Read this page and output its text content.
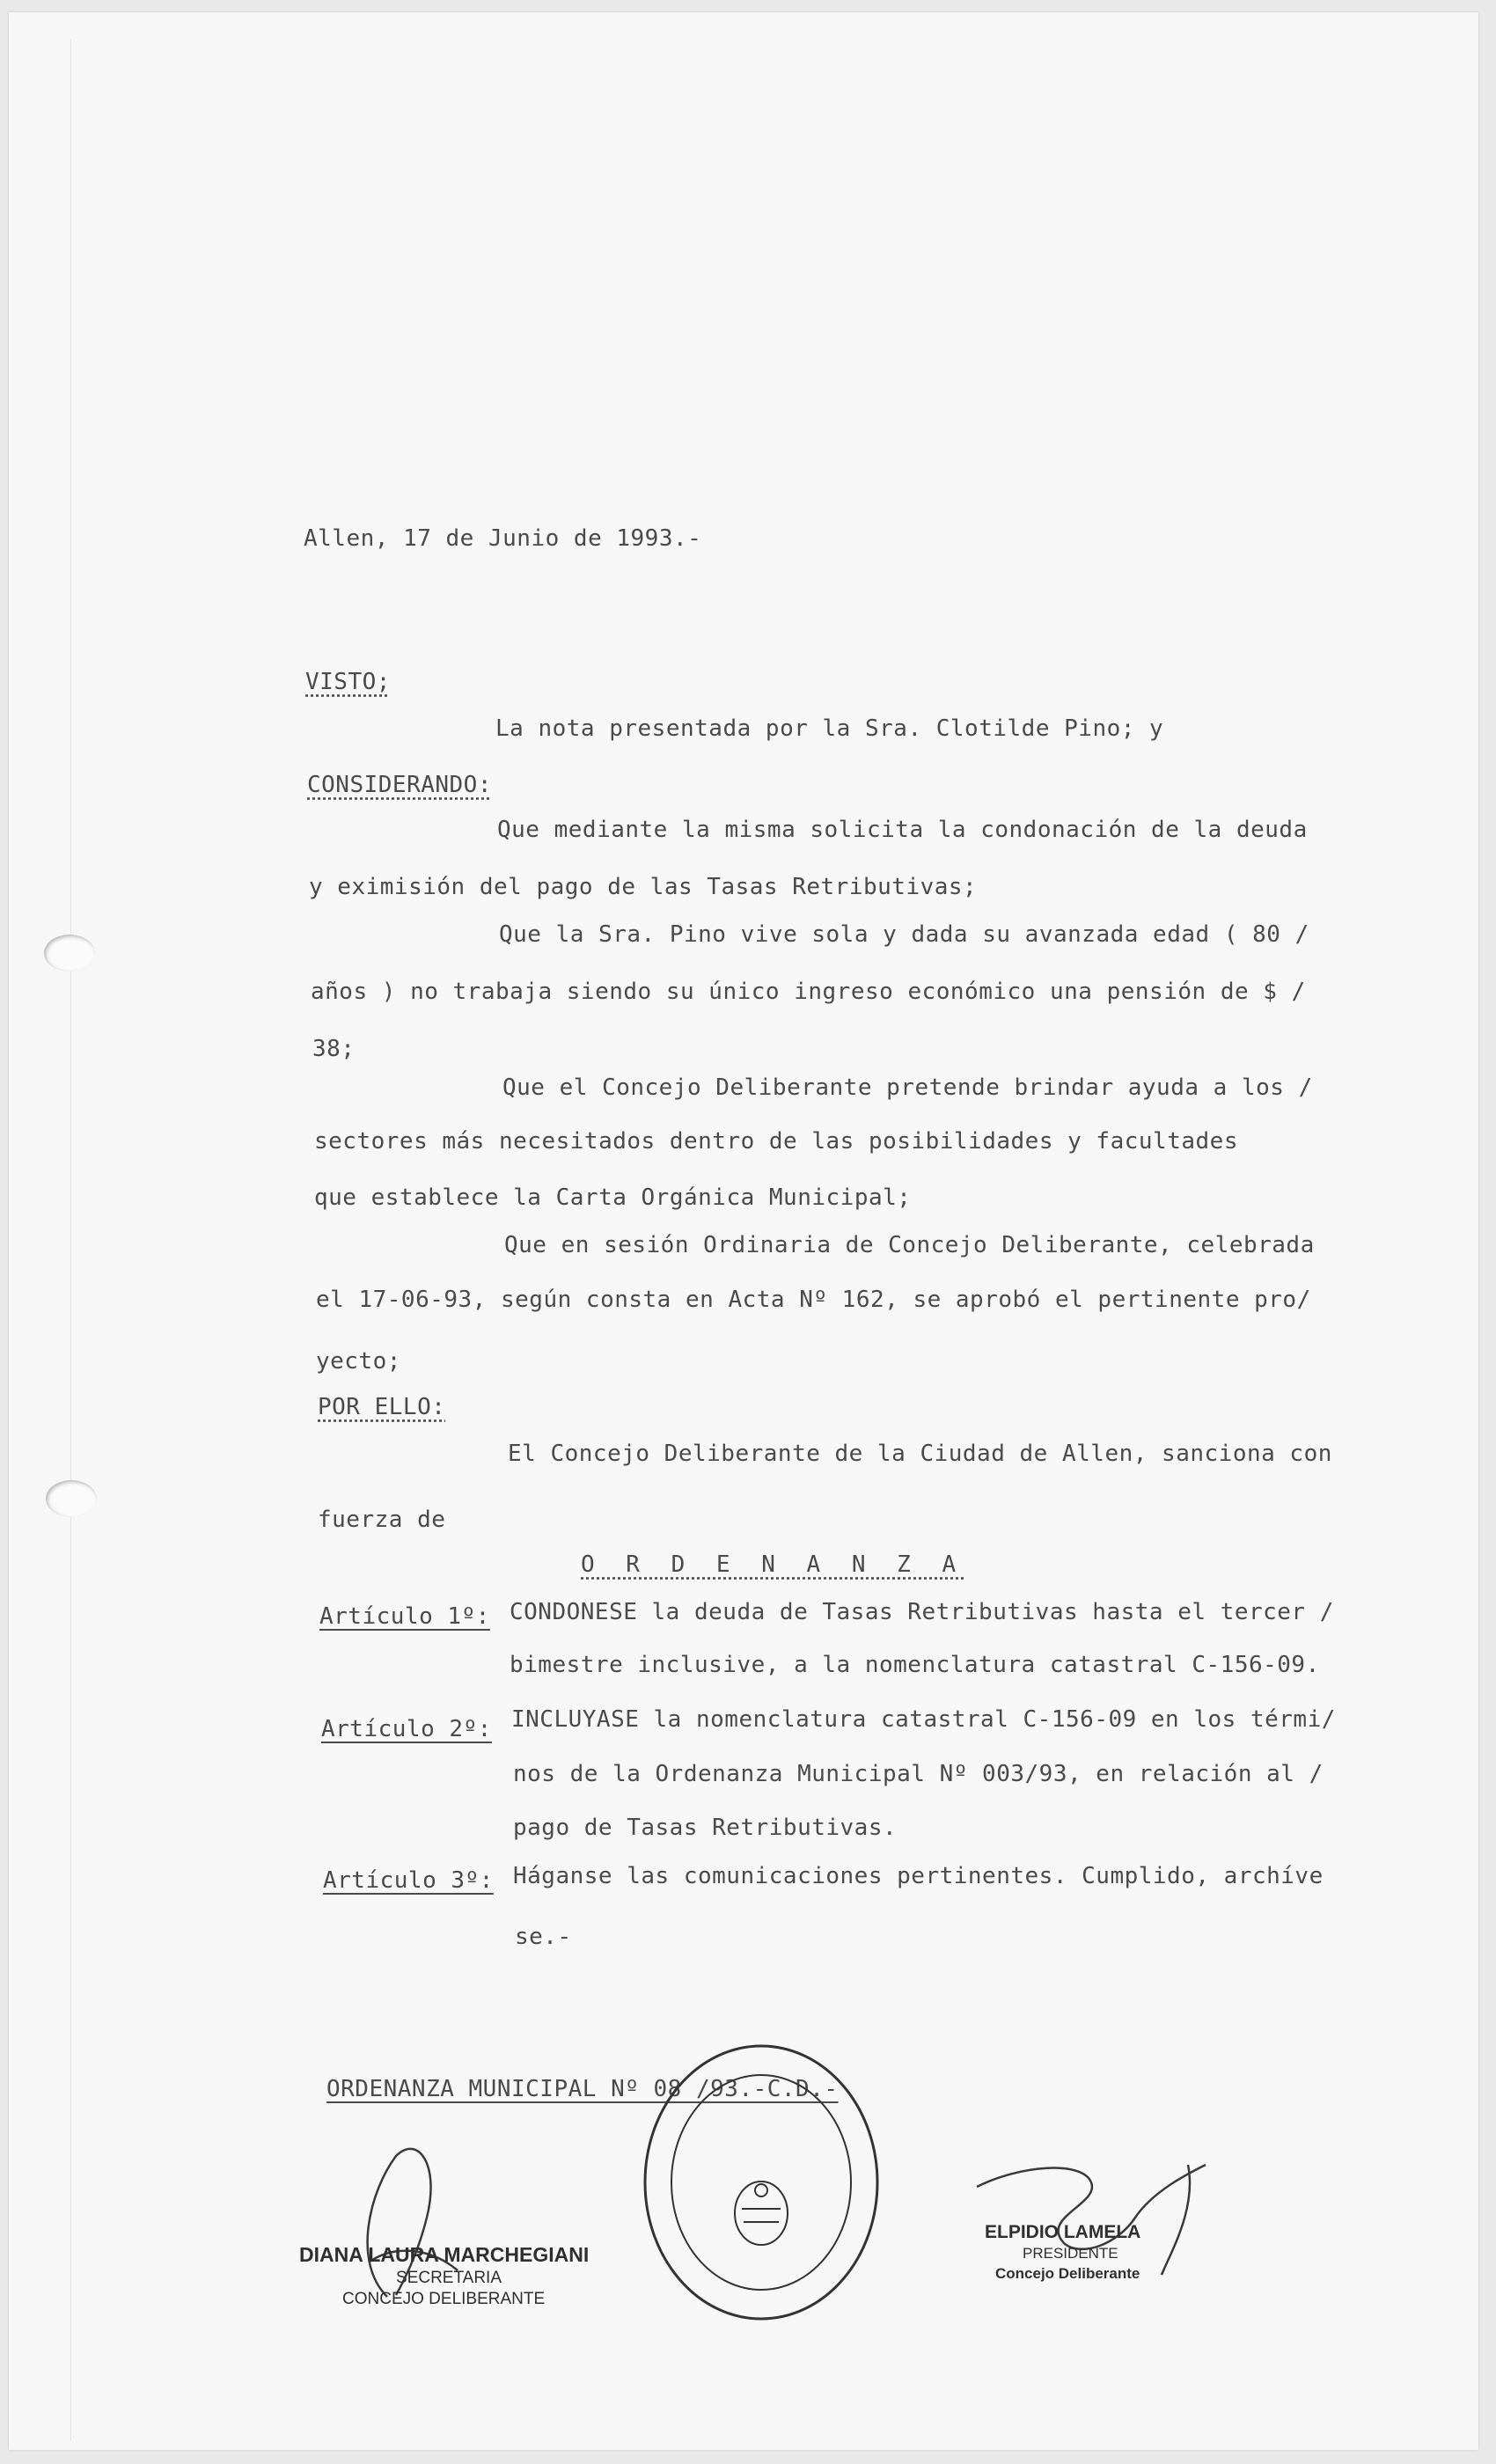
Allen, 17 de Junio de 1993.-
VISTO;
La nota presentada por la Sra. Clotilde Pino; y
CONSIDERANDO:
Que mediante la misma solicita la condonación de la deuda
y eximisión del pago de las Tasas Retributivas;
Que la Sra. Pino vive sola y dada su avanzada edad ( 80 /
años ) no trabaja siendo su único ingreso económico una pensión de $ /
38;
Que el Concejo Deliberante pretende brindar ayuda a los /
sectores más necesitados dentro de las posibilidades y facultades
que establece la Carta Orgánica Municipal;
Que en sesión Ordinaria de Concejo Deliberante, celebrada
el 17-06-93, según consta en Acta Nº 162, se aprobó el pertinente pro/
yecto;
POR ELLO:
El Concejo Deliberante de la Ciudad de Allen, sanciona con
fuerza de
O R D E N A N Z A
Artículo 1º: CONDONESE la deuda de Tasas Retributivas hasta el tercer /
bimestre inclusive, a la nomenclatura catastral C-156-09.
Artículo 2º: INCLUYASE la nomenclatura catastral C-156-09 en los térmi/
nos de la Ordenanza Municipal Nº 003/93, en relación al /
pago de Tasas Retributivas.
Artículo 3º: Háganse las comunicaciones pertinentes. Cumplido, archíve
se.-
ORDENANZA MUNICIPAL Nº 08 /93.-C.D.-
DIANA LAURA MARCHEGIANI
SECRETARIA
CONCEJO DELIBERANTE
ELPIDIO LAMELA
PRESIDENTE
Concejo Deliberante
